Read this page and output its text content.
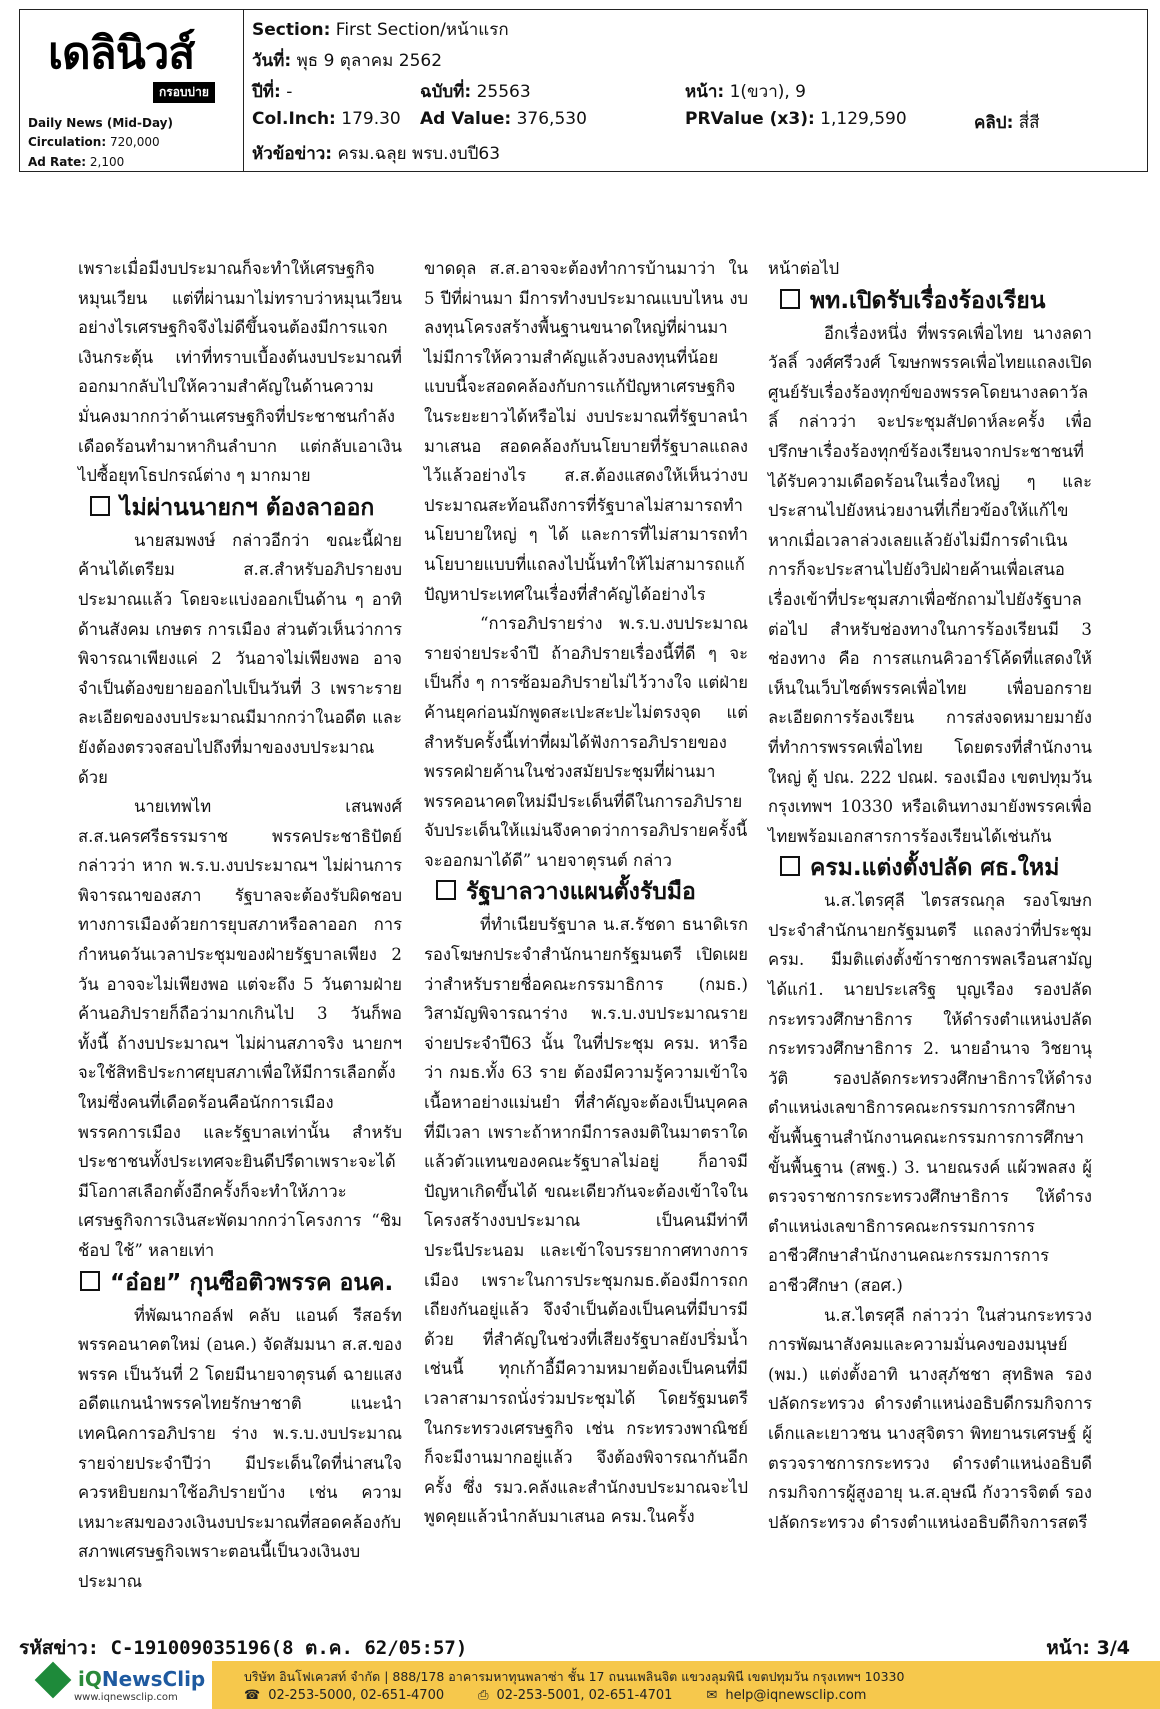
เดลินิวส์
กรอบบ่าย
Daily News (Mid-Day)
Circulation: 720,000
Ad Rate: 2,100
Section: First Section/หน้าแรก
วันที่: พุธ 9 ตุลาคม 2562
ปีที่: -	ฉบับที่: 25563	หน้า: 1(ขวา), 9
Col.Inch: 179.30 Ad Value: 376,530	PRValue (x3): 1,129,590	คลิป: สี่สี
หัวข้อข่าว: ครม.ฉลุย พรบ.งบปี63

เพราะเมื่อมีงบประมาณก็จะทำให้เศรษฐกิจหมุนเวียน แต่ที่ผ่านมาไม่ทราบว่าหมุนเวียนอย่างไรเศรษฐกิจจึงไม่ดีขึ้นจนต้องมีการแจกเงินกระตุ้น เท่าที่ทราบเบื้องต้นงบประมาณที่ออกมากลับไปให้ความสำคัญในด้านความมั่นคงมากกว่าด้านเศรษฐกิจที่ประชาชนกำลังเดือดร้อนทำมาหากินลำบาก แต่กลับเอาเงินไปซื้อยุทโธปกรณ์ต่าง ๆ มากมาย

ไม่ผ่านนายกฯ ต้องลาออก

นายสมพงษ์ กล่าวอีกว่า ขณะนี้ฝ่ายค้านได้เตรียม ส.ส.สำหรับอภิปรายงบประมาณแล้ว โดยจะแบ่งออกเป็นด้าน ๆ อาทิ ด้านสังคม เกษตร การเมือง ส่วนตัวเห็นว่าการพิจารณาเพียงแค่ 2 วันอาจไม่เพียงพอ อาจจำเป็นต้องขยายออกไปเป็นวันที่ 3 เพราะรายละเอียดของงบประมาณมีมากกว่าในอดีต และยังต้องตรวจสอบไปถึงที่มาของงบประมาณด้วย

นายเทพไท เสนพงศ์ ส.ส.นครศรีธรรมราช พรรคประชาธิปัตย์ กล่าวว่า หาก พ.ร.บ.งบประมาณฯ ไม่ผ่านการพิจารณาของสภา รัฐบาลจะต้องรับผิดชอบทางการเมืองด้วยการยุบสภาหรือลาออก การกำหนดวันเวลาประชุมของฝ่ายรัฐบาลเพียง 2 วัน อาจจะไม่เพียงพอ แต่จะถึง 5 วันตามฝ่ายค้านอภิปรายก็ถือว่ามากเกินไป 3 วันก็พอ ทั้งนี้ ถ้างบประมาณฯ ไม่ผ่านสภาจริง นายกฯ จะใช้สิทธิประกาศยุบสภาเพื่อให้มีการเลือกตั้งใหม่ซึ่งคนที่เดือดร้อนคือนักการเมือง พรรคการเมือง และรัฐบาลเท่านั้น สำหรับประชาชนทั้งประเทศจะยินดีปรีดาเพราะจะได้มีโอกาสเลือกตั้งอีกครั้งก็จะทำให้ภาวะเศรษฐกิจการเงินสะพัดมากกว่าโครงการ “ชิม ช้อป ใช้” หลายเท่า

“อ๋อย” กุนซือติวพรรค อนค.

ที่พัฒนากอล์ฟ คลับ แอนด์ รีสอร์ท พรรคอนาคตใหม่ (อนค.) จัดสัมมนา ส.ส.ของพรรค เป็นวันที่ 2 โดยมีนายจาตุรนต์ ฉายแสง อดีตแกนนำพรรคไทยรักษาชาติ แนะนำเทคนิคการอภิปราย ร่าง พ.ร.บ.งบประมาณรายจ่ายประจำปีว่า มีประเด็นใดที่น่าสนใจควรหยิบยกมาใช้อภิปรายบ้าง เช่น ความเหมาะสมของวงเงินงบประมาณที่สอดคล้องกับสภาพเศรษฐกิจเพราะตอนนี้เป็นวงเงินงบประมาณ

ขาดดุล ส.ส.อาจจะต้องทำการบ้านมาว่า ใน 5 ปีที่ผ่านมา มีการทำงบประมาณแบบไหน งบลงทุนโครงสร้างพื้นฐานขนาดใหญ่ที่ผ่านมาไม่มีการให้ความสำคัญแล้วงบลงทุนที่น้อยแบบนี้จะสอดคล้องกับการแก้ปัญหาเศรษฐกิจในระยะยาวได้หรือไม่ งบประมาณที่รัฐบาลนำมาเสนอ สอดคล้องกับนโยบายที่รัฐบาลแถลงไว้แล้วอย่างไร ส.ส.ต้องแสดงให้เห็นว่างบประมาณสะท้อนถึงการที่รัฐบาลไม่สามารถทำนโยบายใหญ่ ๆ ได้ และการที่ไม่สามารถทำนโยบายแบบที่แถลงไปนั้นทำให้ไม่สามารถแก้ปัญหาประเทศในเรื่องที่สำคัญได้อย่างไร

“การอภิปรายร่าง พ.ร.บ.งบประมาณรายจ่ายประจำปี ถ้าอภิปรายเรื่องนี้ที่ดี ๆ จะเป็นกึ่ง ๆ การซ้อมอภิปรายไม่ไว้วางใจ แต่ฝ่ายค้านยุคก่อนมักพูดสะเปะสะปะไม่ตรงจุด แต่สำหรับครั้งนี้เท่าที่ผมได้ฟังการอภิปรายของพรรคฝ่ายค้านในช่วงสมัยประชุมที่ผ่านมา พรรคอนาคตใหม่มีประเด็นที่ดีในการอภิปราย จับประเด็นให้แม่นจึงคาดว่าการอภิปรายครั้งนี้จะออกมาได้ดี” นายจาตุรนต์ กล่าว

รัฐบาลวางแผนตั้งรับมือ

ที่ทำเนียบรัฐบาล น.ส.รัชดา ธนาดิเรก รองโฆษกประจำสำนักนายกรัฐมนตรี เปิดเผยว่าสำหรับรายชื่อคณะกรรมาธิการ (กมธ.) วิสามัญพิจารณาร่าง พ.ร.บ.งบประมาณรายจ่ายประจำปี63 นั้น ในที่ประชุม ครม. หารือว่า กมธ.ทั้ง 63 ราย ต้องมีความรู้ความเข้าใจเนื้อหาอย่างแม่นยำ ที่สำคัญจะต้องเป็นบุคคลที่มีเวลา เพราะถ้าหากมีการลงมติในมาตราใด แล้วตัวแทนของคณะรัฐบาลไม่อยู่ ก็อาจมีปัญหาเกิดขึ้นได้ ขณะเดียวกันจะต้องเข้าใจในโครงสร้างงบประมาณ เป็นคนมีท่าทีประนีประนอม และเข้าใจบรรยากาศทางการเมือง เพราะในการประชุมกมธ.ต้องมีการถกเถียงกันอยู่แล้ว จึงจำเป็นต้องเป็นคนที่มีบารมีด้วย ที่สำคัญในช่วงที่เสียงรัฐบาลยังปริ่มน้ำเช่นนี้ ทุกเก้าอี้มีความหมายต้องเป็นคนที่มีเวลาสามารถนั่งร่วมประชุมได้ โดยรัฐมนตรีในกระทรวงเศรษฐกิจ เช่น กระทรวงพาณิชย์ ก็จะมีงานมากอยู่แล้ว จึงต้องพิจารณากันอีกครั้ง ซึ่ง รมว.คลังและสำนักงบประมาณจะไปพูดคุยแล้วนำกลับมาเสนอ ครม.ในครั้ง

หน้าต่อไป

พท.เปิดรับเรื่องร้องเรียน

อีกเรื่องหนึ่ง ที่พรรคเพื่อไทย นางลดาวัลลิ์ วงศ์ศรีวงศ์ โฆษกพรรคเพื่อไทยแถลงเปิดศูนย์รับเรื่องร้องทุกข์ของพรรคโดยนางลดาวัลลิ์ กล่าวว่า จะประชุมสัปดาห์ละครั้ง เพื่อปรึกษาเรื่องร้องทุกข์ร้องเรียนจากประชาชนที่ได้รับความเดือดร้อนในเรื่องใหญ่ ๆ และประสานไปยังหน่วยงานที่เกี่ยวข้องให้แก้ไข หากเมื่อเวลาล่วงเลยแล้วยังไม่มีการดำเนินการก็จะประสานไปยังวิปฝ่ายค้านเพื่อเสนอเรื่องเข้าที่ประชุมสภาเพื่อซักถามไปยังรัฐบาลต่อไป สำหรับช่องทางในการร้องเรียนมี 3 ช่องทาง คือ การสแกนคิวอาร์โค้ดที่แสดงให้เห็นในเว็บไซต์พรรคเพื่อไทย เพื่อบอกรายละเอียดการร้องเรียน การส่งจดหมายมายังที่ทำการพรรคเพื่อไทย โดยตรงที่สำนักงานใหญ่ ตู้ ปณ. 222 ปณฝ. รองเมือง เขตปทุมวัน กรุงเทพฯ 10330 หรือเดินทางมายังพรรคเพื่อไทยพร้อมเอกสารการร้องเรียนได้เช่นกัน

ครม.แต่งตั้งปลัด ศธ.ใหม่

น.ส.ไตรศุลี ไตรสรณกุล รองโฆษกประจำสำนักนายกรัฐมนตรี แถลงว่าที่ประชุม ครม. มีมติแต่งตั้งข้าราชการพลเรือนสามัญ ได้แก่1. นายประเสริฐ บุญเรือง รองปลัดกระทรวงศึกษาธิการ ให้ดำรงตำแหน่งปลัดกระทรวงศึกษาธิการ 2. นายอำนาจ วิชยานุวัติ รองปลัดกระทรวงศึกษาธิการให้ดำรงตำแหน่งเลขาธิการคณะกรรมการการศึกษาขั้นพื้นฐานสำนักงานคณะกรรมการการศึกษาขั้นพื้นฐาน (สพฐ.) 3. นายณรงค์ แผ้วพลสง ผู้ตรวจราชการกระทรวงศึกษาธิการ ให้ดำรงตำแหน่งเลขาธิการคณะกรรมการการอาชีวศึกษาสำนักงานคณะกรรมการการอาชีวศึกษา (สอศ.)

น.ส.ไตรศุลี กล่าวว่า ในส่วนกระทรวงการพัฒนาสังคมและความมั่นคงของมนุษย์ (พม.) แต่งตั้งอาทิ นางสุภัชชา สุทธิพล รองปลัดกระทรวง ดำรงตำแหน่งอธิบดีกรมกิจการเด็กและเยาวชน นางสุจิตรา พิทยานรเศรษฐ์ ผู้ตรวจราชการกระทรวง ดำรงตำแหน่งอธิบดีกรมกิจการผู้สูงอายุ น.ส.อุษณี กังวารจิตต์ รองปลัดกระทรวง ดำรงตำแหน่งอธิบดีกิจการสตรี

รหัสข่าว: C-191009035196(8 ต.ค. 62/05:57)	หน้า: 3/4
iQNewsClip
www.iqnewsclip.com
บริษัท อินโฟเควสท์ จำกัด | 888/178 อาคารมหาทุนพลาซ่า ชั้น 17 ถนนเพลินจิต แขวงลุมพินี เขตปทุมวัน กรุงเทพฯ 10330
☎ 02-253-5000, 02-651-4700	⎙ 02-253-5001, 02-651-4701	✉ help@iqnewsclip.com
